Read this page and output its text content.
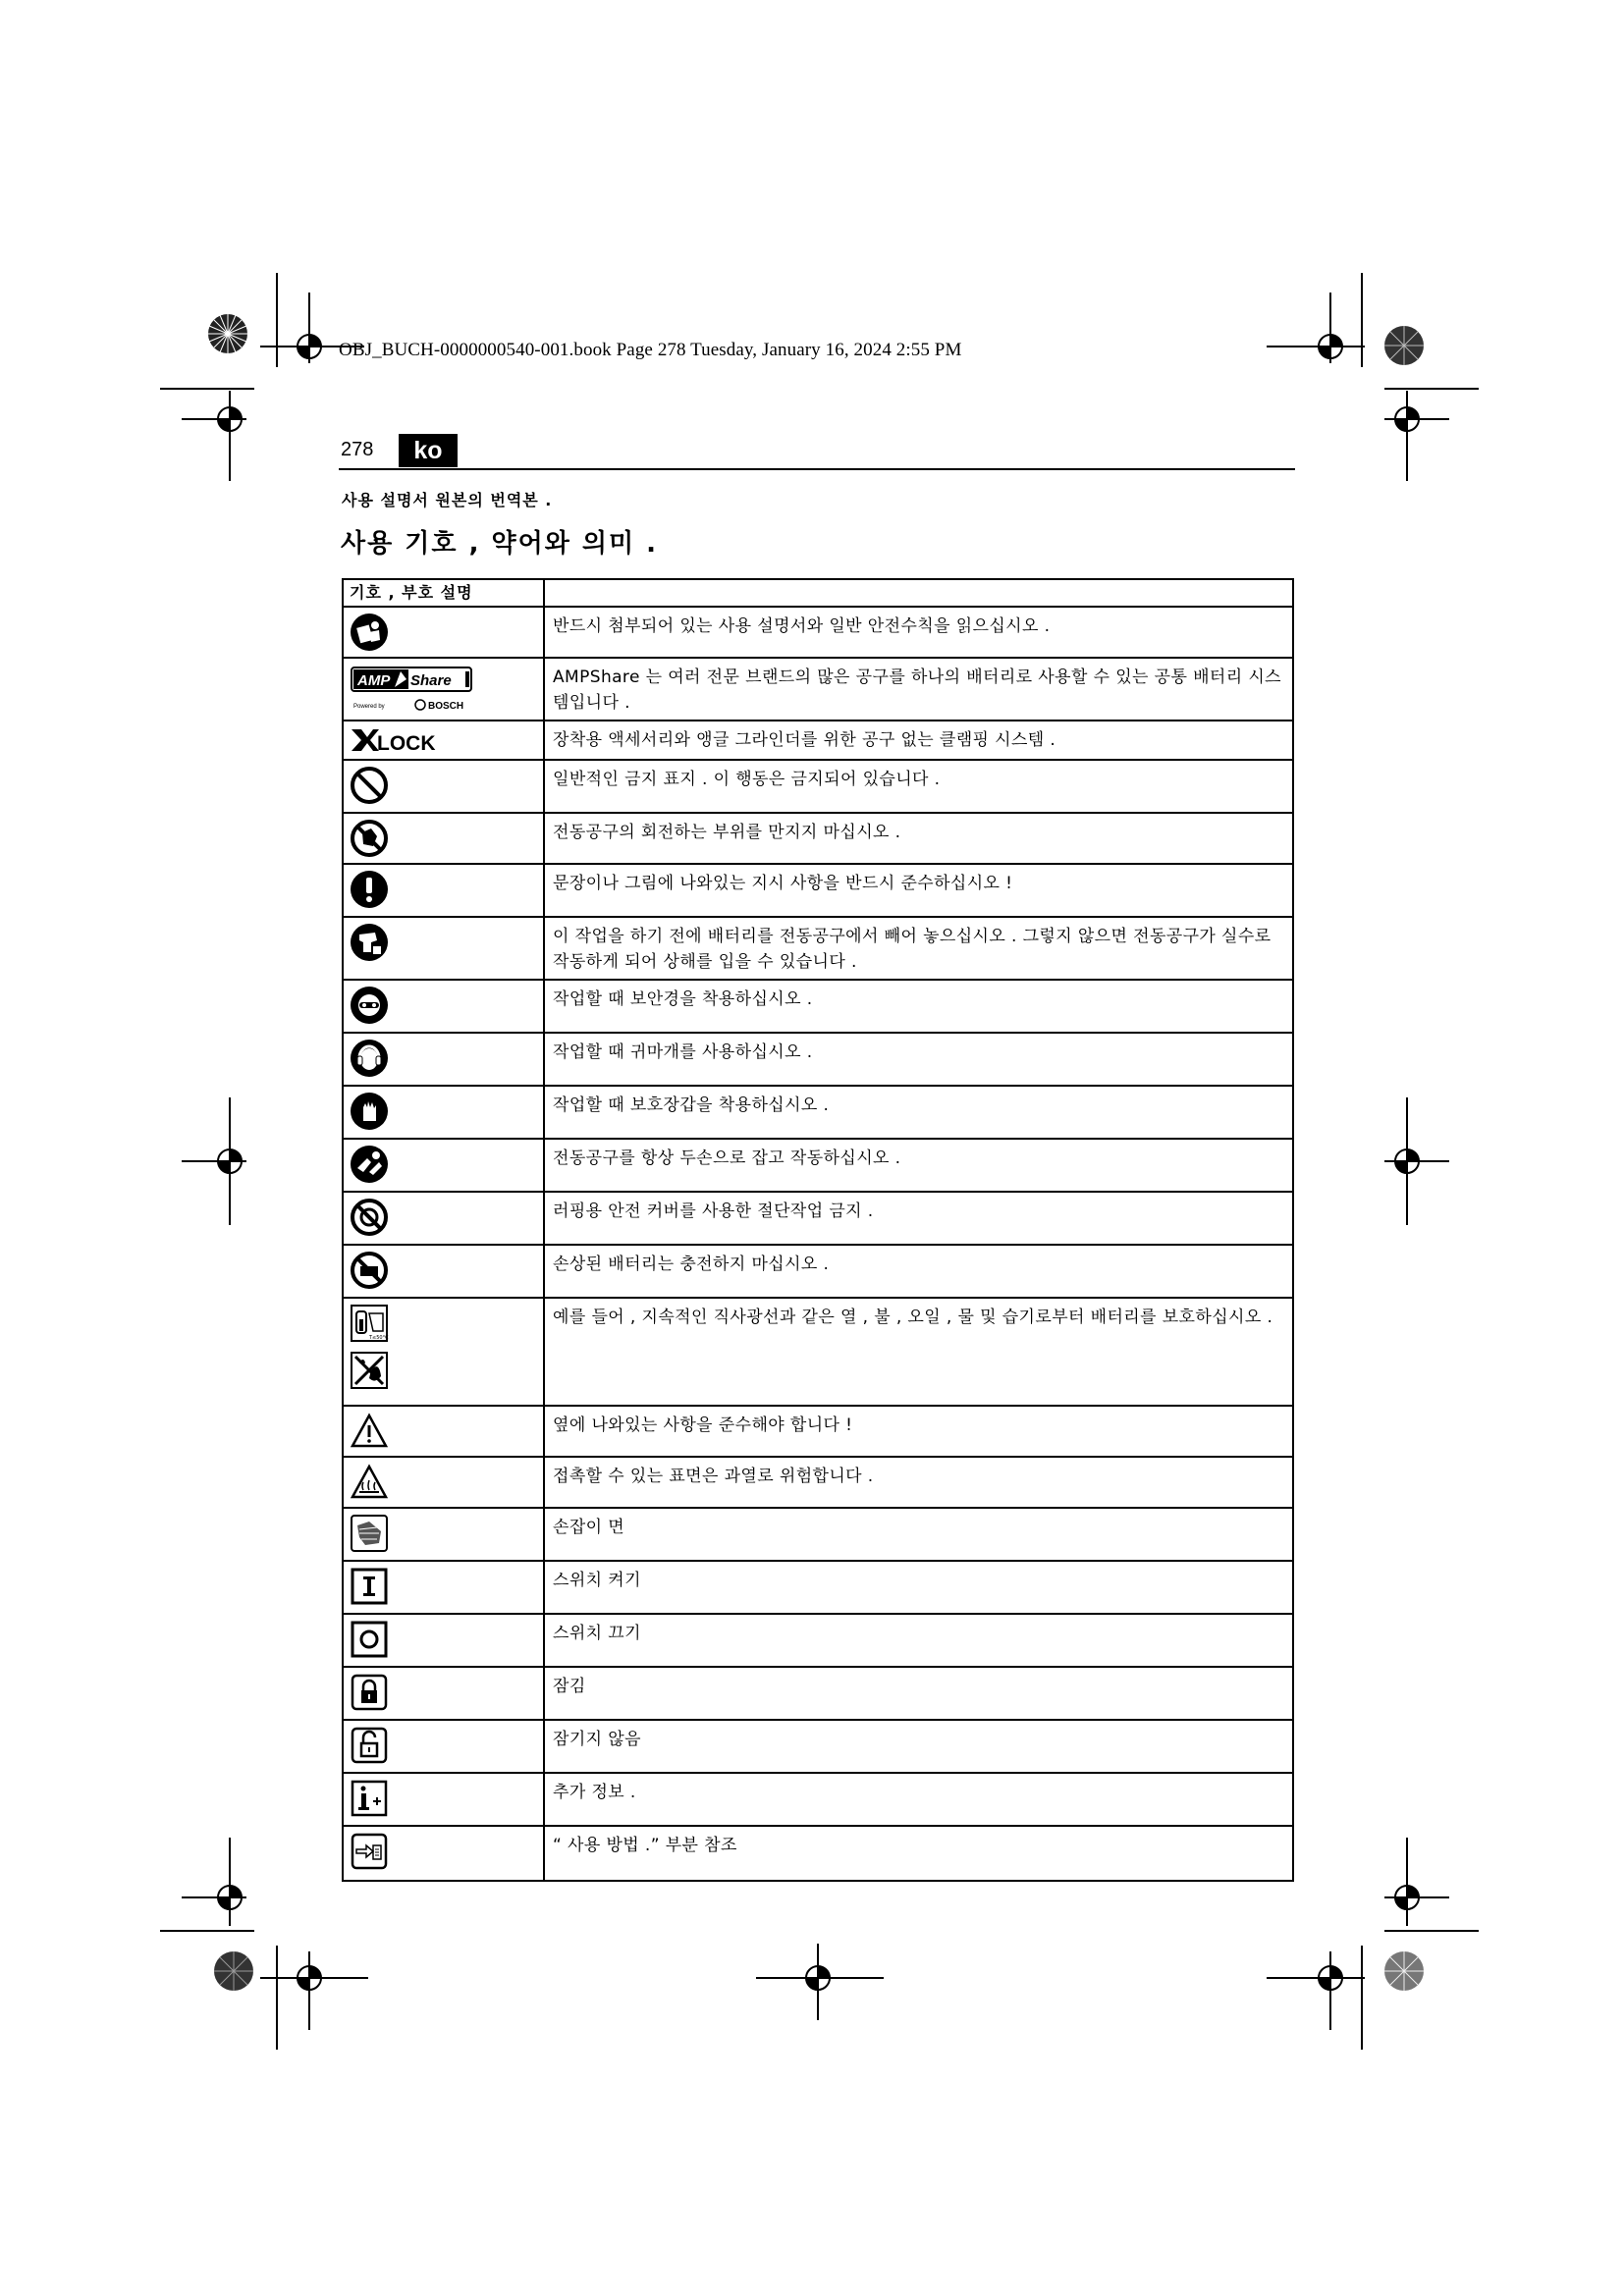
OBJ_BUCH-0000000540-001.book Page 278 Tuesday, January 16, 2024 2:55 PM
278	ko
사용 설명서 원본의 번역본 .
사용 기호 , 약어와 의미 .
기호 , 부호 설명	

	반드시 첨부되어 있는 사용 설명서와 일반 안전수칙을 읽으십시오 .

AMP Share
Powered by BOSCH	AMPShare 는 여러 전문 브랜드의 많은 공구를 하나의 배터리로 사용할 수 있는 공통 배터리 시스템입니다 .

LOCK	장착용 액세서리와 앵글 그라인더를 위한 공구 없는 클램핑 시스템 .

	일반적인 금지 표지 . 이 행동은 금지되어 있습니다 .

	전동공구의 회전하는 부위를 만지지 마십시오 .

	문장이나 그림에 나와있는 지시 사항을 반드시 준수하십시오 !

	이 작업을 하기 전에 배터리를 전동공구에서 빼어 놓으십시오 . 그렇지 않으면 전동공구가 실수로 작동하게 되어 상해를 입을 수 있습니다 .

	작업할 때 보안경을 착용하십시오 .

	작업할 때 귀마개를 사용하십시오 .

	작업할 때 보호장갑을 착용하십시오 .

	전동공구를 항상 두손으로 잡고 작동하십시오 .

	러핑용 안전 커버를 사용한 절단작업 금지 .

	손상된 배터리는 충전하지 마십시오 .

T≤50°C	예를 들어 , 지속적인 직사광선과 같은 열 , 불 , 오일 , 물 및 습기로부터 배터리를 보호하십시오 .

	옆에 나와있는 사항을 준수해야 합니다 !

	접촉할 수 있는 표면은 과열로 위험합니다 .

	손잡이 면

	스위치 켜기

	스위치 끄기

	잠김

	잠기지 않음

	추가 정보 .

	“ 사용 방법 .” 부분 참조
